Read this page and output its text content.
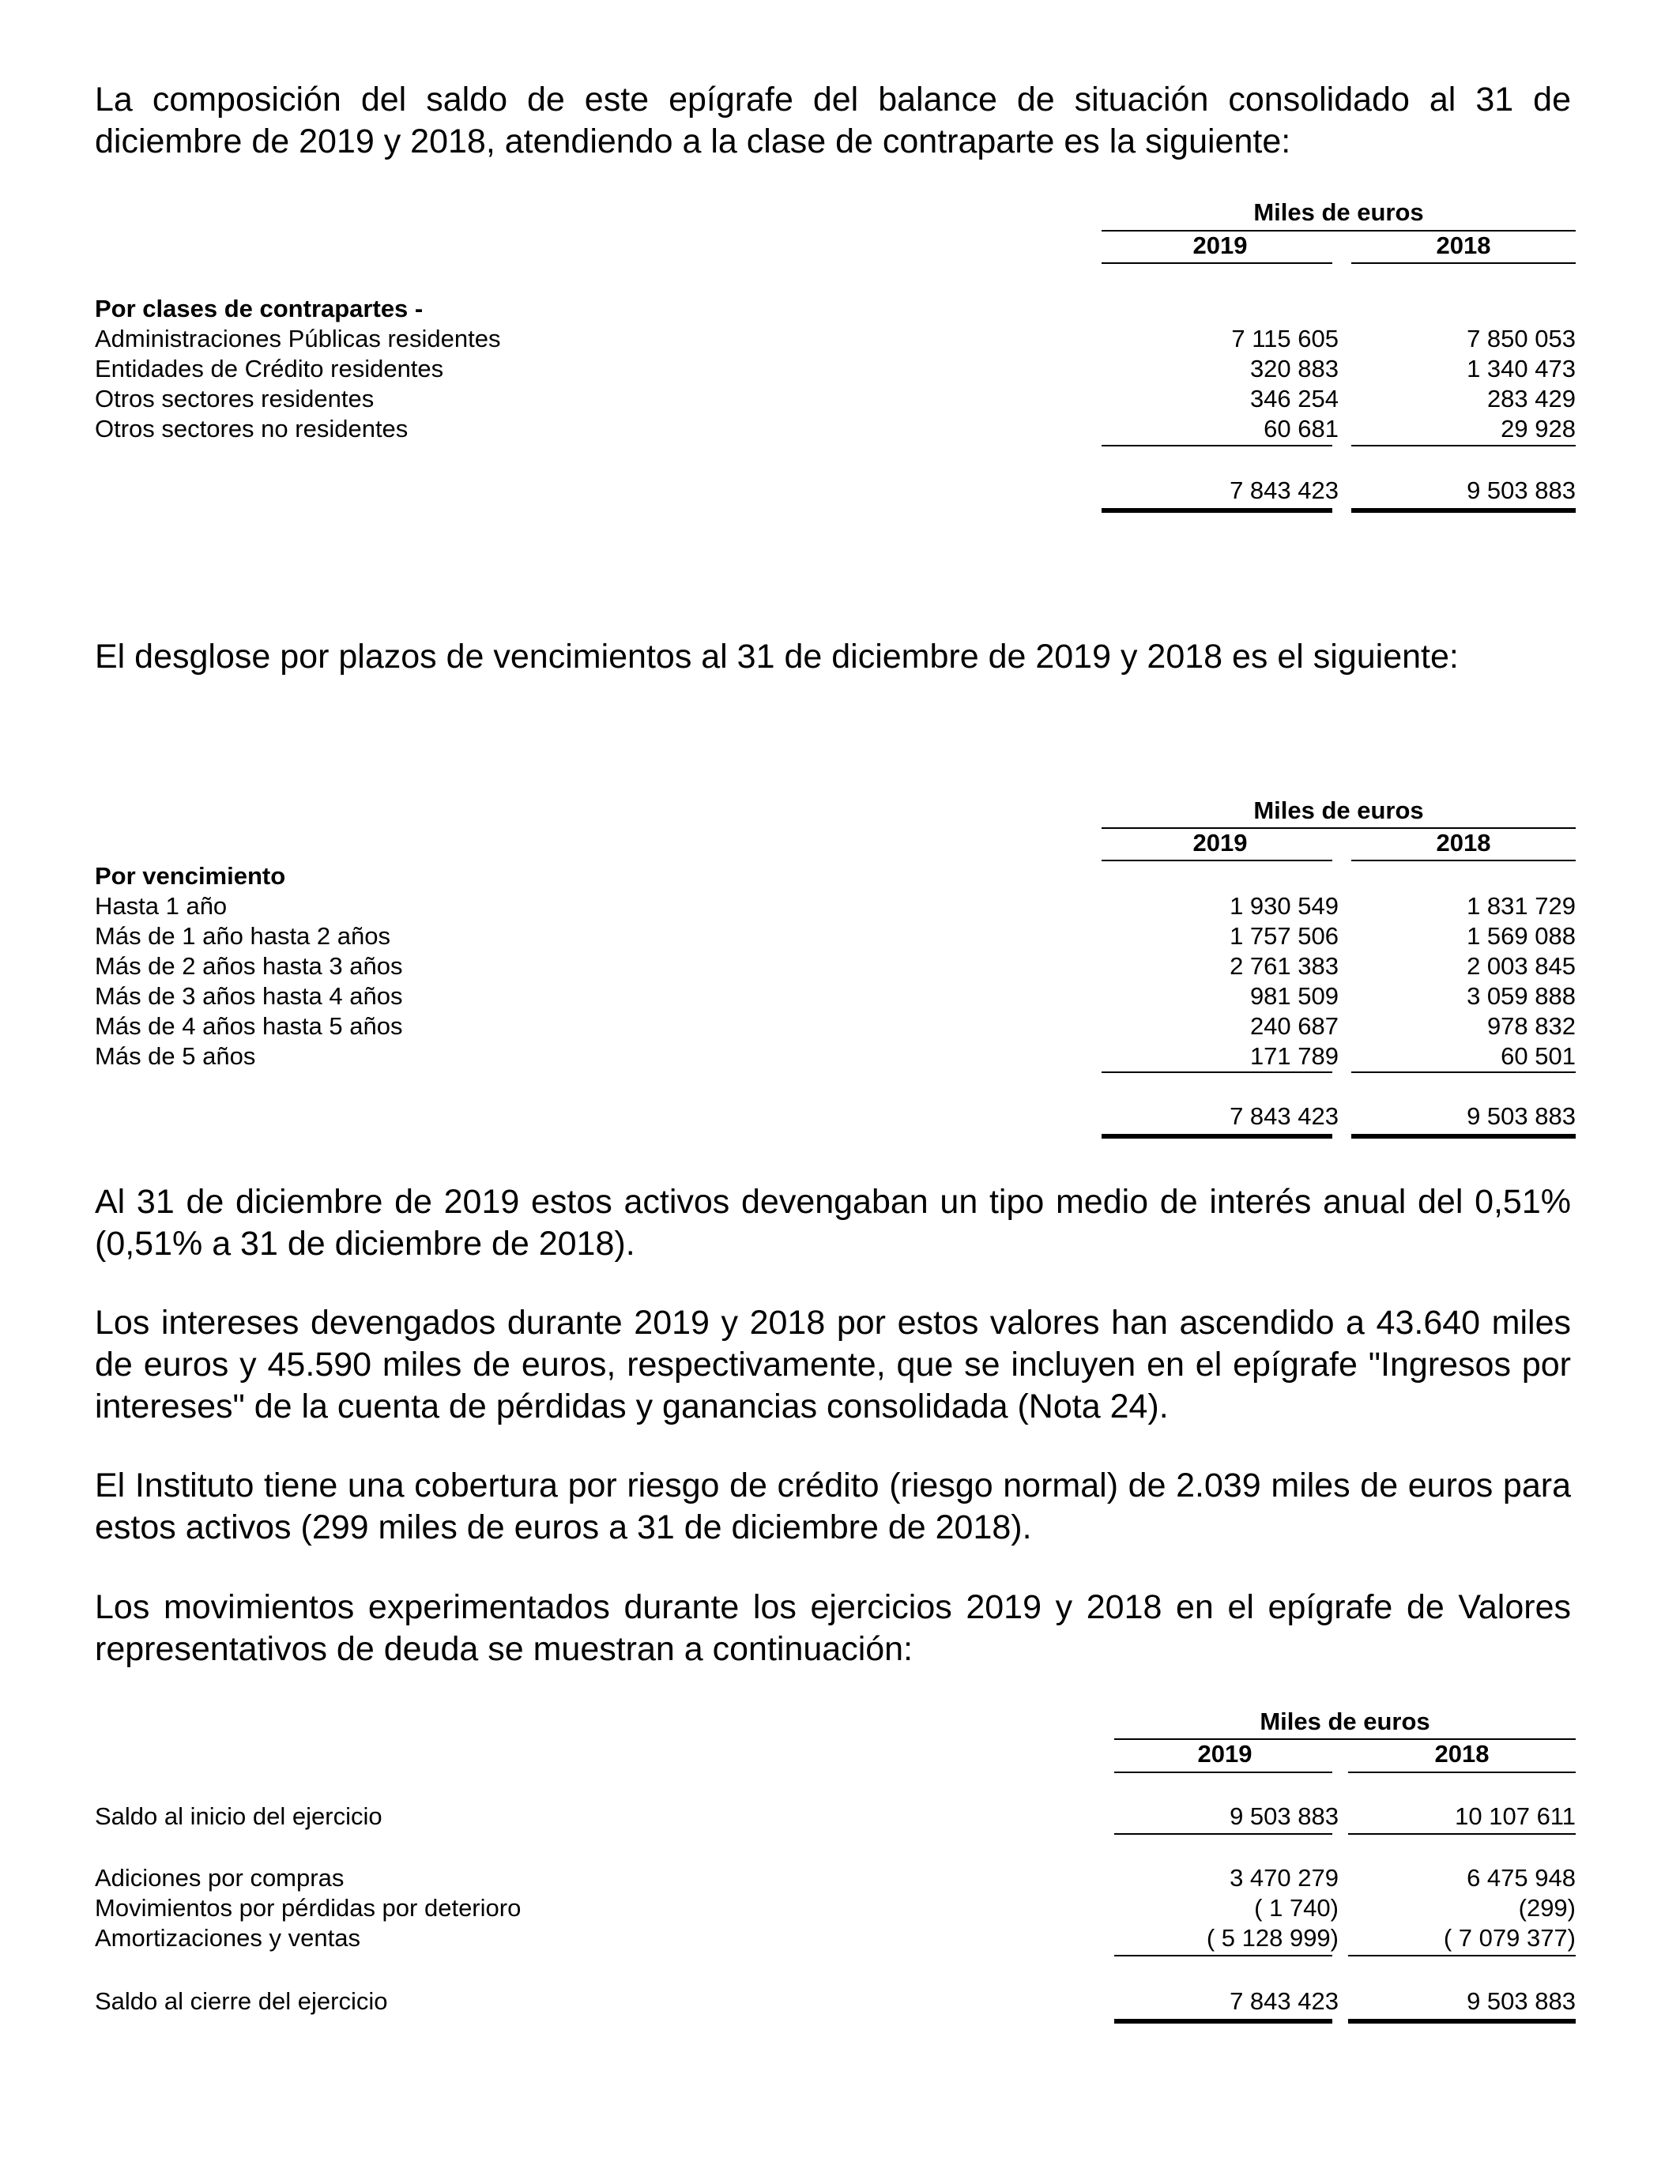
La composición del saldo de este epígrafe del balance de situación consolidado al 31 de diciembre de 2019 y 2018, atendiendo a la clase de contraparte es la siguiente:

Miles de euros
2019	2018
Por clases de contrapartes -
Administraciones Públicas residentes	7 115 605	7 850 053
Entidades de Crédito residentes	320 883	1 340 473
Otros sectores residentes	346 254	283 429
Otros sectores no residentes	60 681	29 928
7 843 423	9 503 883

El desglose por plazos de vencimientos al 31 de diciembre de 2019 y 2018 es el siguiente:

Miles de euros
2019	2018
Por vencimiento
Hasta 1 año	1 930 549	1 831 729
Más de 1 año hasta 2 años	1 757 506	1 569 088
Más de 2 años hasta 3 años	2 761 383	2 003 845
Más de 3 años hasta 4 años	981 509	3 059 888
Más de 4 años hasta 5 años	240 687	978 832
Más de 5 años	171 789	60 501
7 843 423	9 503 883

Al 31 de diciembre de 2019 estos activos devengaban un tipo medio de interés anual del 0,51% (0,51% a 31 de diciembre de 2018).

Los intereses devengados durante 2019 y 2018 por estos valores han ascendido a 43.640 miles de euros y 45.590 miles de euros, respectivamente, que se incluyen en el epígrafe "Ingresos por intereses" de la cuenta de pérdidas y ganancias consolidada (Nota 24).

El Instituto tiene una cobertura por riesgo de crédito (riesgo normal) de 2.039 miles de euros para estos activos (299 miles de euros a 31 de diciembre de 2018).

Los movimientos experimentados durante los ejercicios 2019 y 2018 en el epígrafe de Valores representativos de deuda se muestran a continuación:

Miles de euros
2019	2018
Saldo al inicio del ejercicio	9 503 883	10 107 611
Adiciones por compras	3 470 279	6 475 948
Movimientos por pérdidas por deterioro	( 1 740)	(299)
Amortizaciones y ventas	( 5 128 999)	( 7 079 377)
Saldo al cierre del ejercicio	7 843 423	9 503 883
